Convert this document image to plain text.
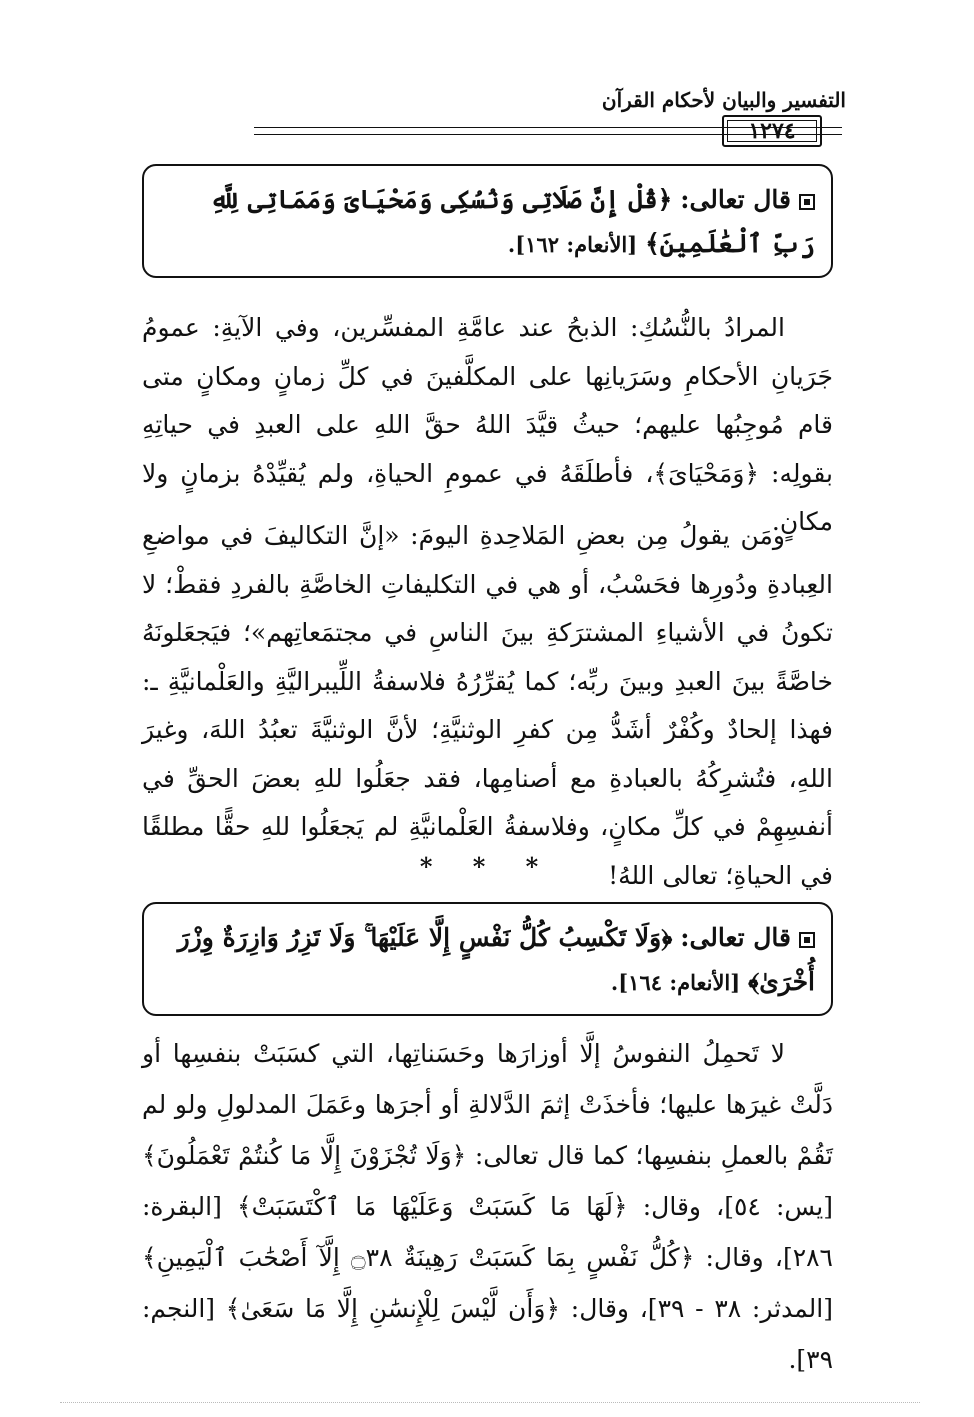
التفسير والبيان لأحكام القرآن
١٢٧٤
قال تعالى: ﴿قُلْ إِنَّ صَلَاتِى وَنُسُكِى وَمَحْيَاىَ وَمَمَاتِى لِلَّهِ رَبِّ ٱلْعَٰلَمِينَ﴾ [الأنعام: ١٦٢].
المرادُ بالنُّسُكِ: الذبحُ عند عامَّةِ المفسِّرين، وفي الآيةِ: عمومُ جَرَيانِ الأحكامِ وسَرَيانِها على المكلَّفينَ في كلِّ زمانٍ ومكانٍ متى قام مُوجِبُها عليهم؛ حيثُ قيَّدَ اللهُ حقَّ اللهِ على العبدِ في حياتِهِ بقولِه: ﴿وَمَحْيَاىَ﴾، فأطلَقَهُ في عمومِ الحياةِ، ولم يُقيِّدْهُ بزمانٍ ولا مكانٍ.
ومَن يقولُ مِن بعضِ المَلاحِدةِ اليومَ: «إنَّ التكاليفَ في مواضعِ العِبادةِ ودُورِها فحَسْبُ، أو هي في التكليفاتِ الخاصَّةِ بالفردِ فقطْ؛ لا تكونُ في الأشياءِ المشترَكةِ بينَ الناسِ في مجتمَعاتِهم»؛ فيَجعَلونَهُ خاصَّةً بينَ العبدِ وبينَ ربِّه؛ كما يُقرِّرُهُ فلاسفةُ اللِّيبراليَّةِ والعَلْمانيَّةِ ـ: فهذا إلحادٌ وكُفْرٌ أشَدُّ مِن كفرِ الوثنيَّةِ؛ لأنَّ الوثنيَّةَ تعبُدُ اللهَ، وغيرَ اللهِ، فتُشرِكُهُ بالعبادةِ مع أصنامِها، فقد جعَلُوا للهِ بعضَ الحقِّ في أنفسِهِمْ في كلِّ مكانٍ، وفلاسفةُ العَلْمانيَّةِ لم يَجعَلُوا للهِ حقًّا مطلقًا في الحياةِ؛ تعالى اللهُ!
* * *
قال تعالى: ﴿وَلَا تَكْسِبُ كُلُّ نَفْسٍ إِلَّا عَلَيْهَا ۚ وَلَا تَزِرُ وَازِرَةٌ وِزْرَ أُخْرَىٰ﴾ [الأنعام: ١٦٤].
لا تَحمِلُ النفوسُ إلَّا أوزارَها وحَسَناتِها، التي كسَبَتْ بنفسِها أو دَلَّتْ غيرَها عليها؛ فأخذَتْ إثمَ الدَّلالةِ أو أجرَها وعَمَلَ المدلولِ ولو لم تَقُمْ بالعملِ بنفسِها؛ كما قال تعالى: ﴿وَلَا تُجْزَوْنَ إِلَّا مَا كُنتُمْ تَعْمَلُونَ﴾ [يس: ٥٤]، وقال: ﴿لَهَا مَا كَسَبَتْ وَعَلَيْهَا مَا ٱكْتَسَبَتْ﴾ [البقرة: ٢٨٦]، وقال: ﴿كُلُّ نَفْسٍ بِمَا كَسَبَتْ رَهِينَةٌ ۝٣٨ إِلَّآ أَصْحَٰبَ ٱلْيَمِينِ﴾ [المدثر: ٣٨ - ٣٩]، وقال: ﴿وَأَن لَّيْسَ لِلْإِنسَٰنِ إِلَّا مَا سَعَىٰ﴾ [النجم: ٣٩].
